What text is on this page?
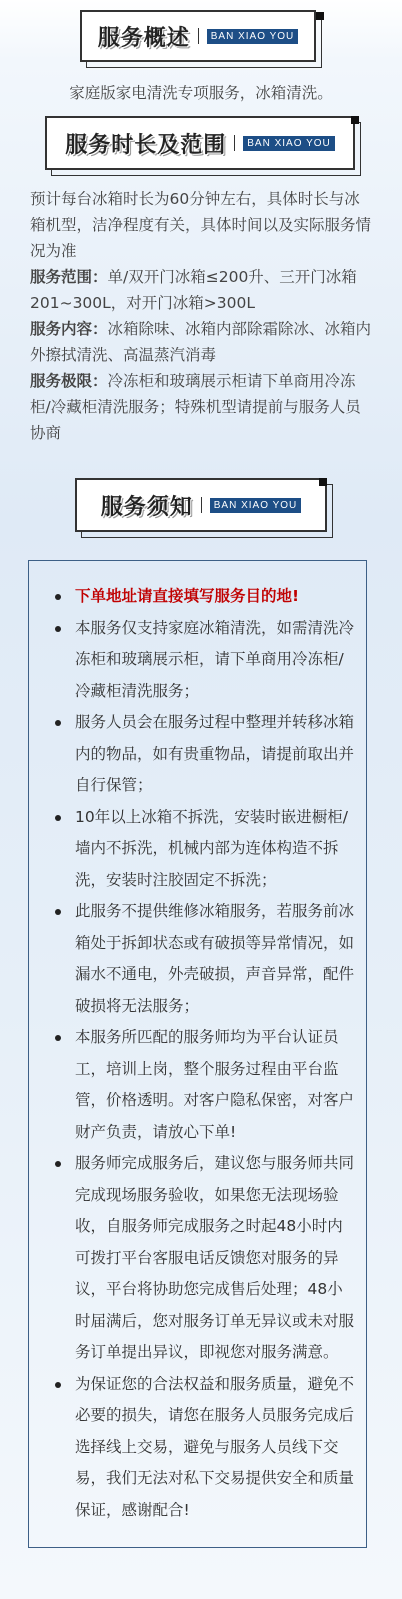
服务概述	BAN XIAO YOU

家庭版家电清洗专项服务，冰箱清洗。

服务时长及范围	BAN XIAO YOU

预计每台冰箱时长为60分钟左右，具体时长与冰箱机型，洁净程度有关，具体时间以及实际服务情况为准

服务范围：单/双开门冰箱≤200升、三开门冰箱201~300L，对开门冰箱>300L

服务内容：冰箱除味、冰箱内部除霜除冰、冰箱内外擦拭清洗、高温蒸汽消毒

服务极限：冷冻柜和玻璃展示柜请下单商用冷冻柜/冷藏柜清洗服务；特殊机型请提前与服务人员协商

服务须知	BAN XIAO YOU
下单地址请直接填写服务目的地!
本服务仅支持家庭冰箱清洗，如需清洗冷冻柜和玻璃展示柜，请下单商用冷冻柜/冷藏柜清洗服务；
服务人员会在服务过程中整理并转移冰箱内的物品，如有贵重物品，请提前取出并自行保管；
10年以上冰箱不拆洗，安装时嵌进橱柜/墙内不拆洗，机械内部为连体构造不拆洗，安装时注胶固定不拆洗；
此服务不提供维修冰箱服务，若服务前冰箱处于拆卸状态或有破损等异常情况，如漏水不通电，外壳破损，声音异常，配件破损将无法服务；
本服务所匹配的服务师均为平台认证员工，培训上岗，整个服务过程由平台监管，价格透明。对客户隐私保密，对客户财产负责，请放心下单!
服务师完成服务后，建议您与服务师共同完成现场服务验收，如果您无法现场验收，自服务师完成服务之时起48小时内可拨打平台客服电话反馈您对服务的异议，平台将协助您完成售后处理；48小时届满后，您对服务订单无异议或未对服务订单提出异议，即视您对服务满意。
为保证您的合法权益和服务质量，避免不必要的损失，请您在服务人员服务完成后选择线上交易，避免与服务人员线下交易，我们无法对私下交易提供安全和质量保证，感谢配合!
